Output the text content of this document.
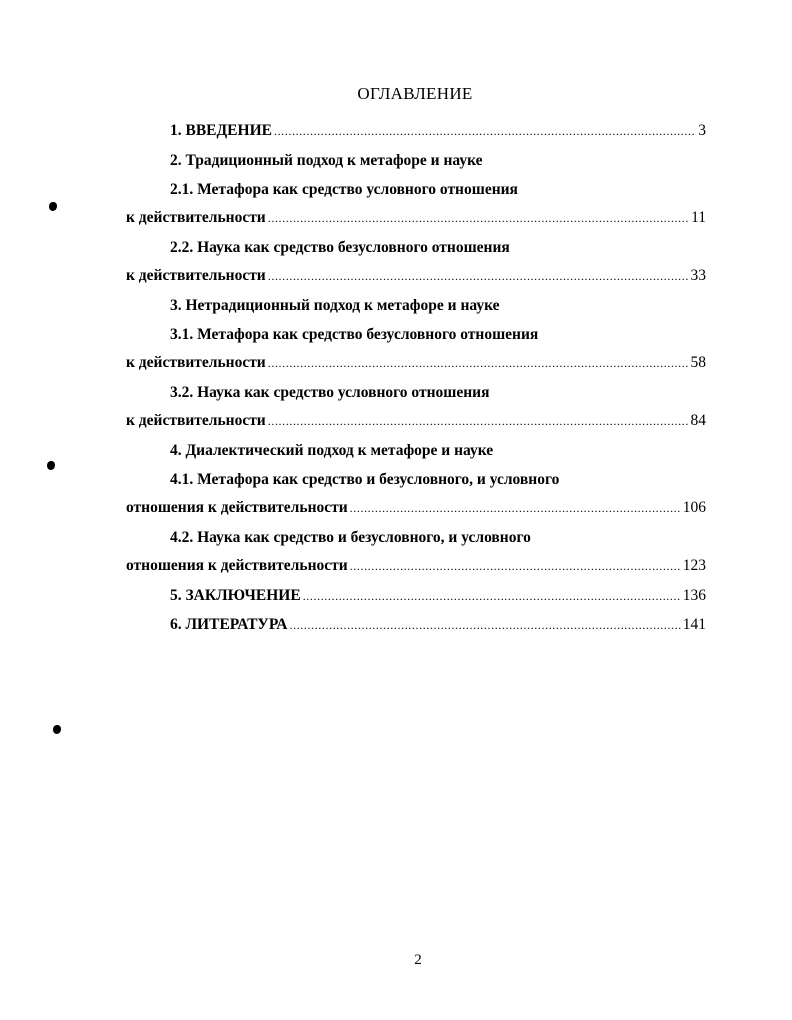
ОГЛАВЛЕНИЕ
1. ВВЕДЕНИЕ .....	3
2. Традиционный подход к метафоре и науке
2.1. Метафора как средство условного отношения
к действительности .....	11
2.2. Наука как средство безусловного отношения
к действительности .....	33
3. Нетрадиционный подход к метафоре и науке
3.1. Метафора как средство безусловного отношения
к действительности .....	58
3.2. Наука как средство условного отношения
к действительности .....	84
4. Диалектический подход к метафоре и науке
4.1. Метафора как средство и безусловного, и условного
отношения к действительности .....	106
4.2. Наука как средство и безусловного, и условного
отношения к действительности .....	123
5. ЗАКЛЮЧЕНИЕ .....	136
6. ЛИТЕРАТУРА .....	141
2
